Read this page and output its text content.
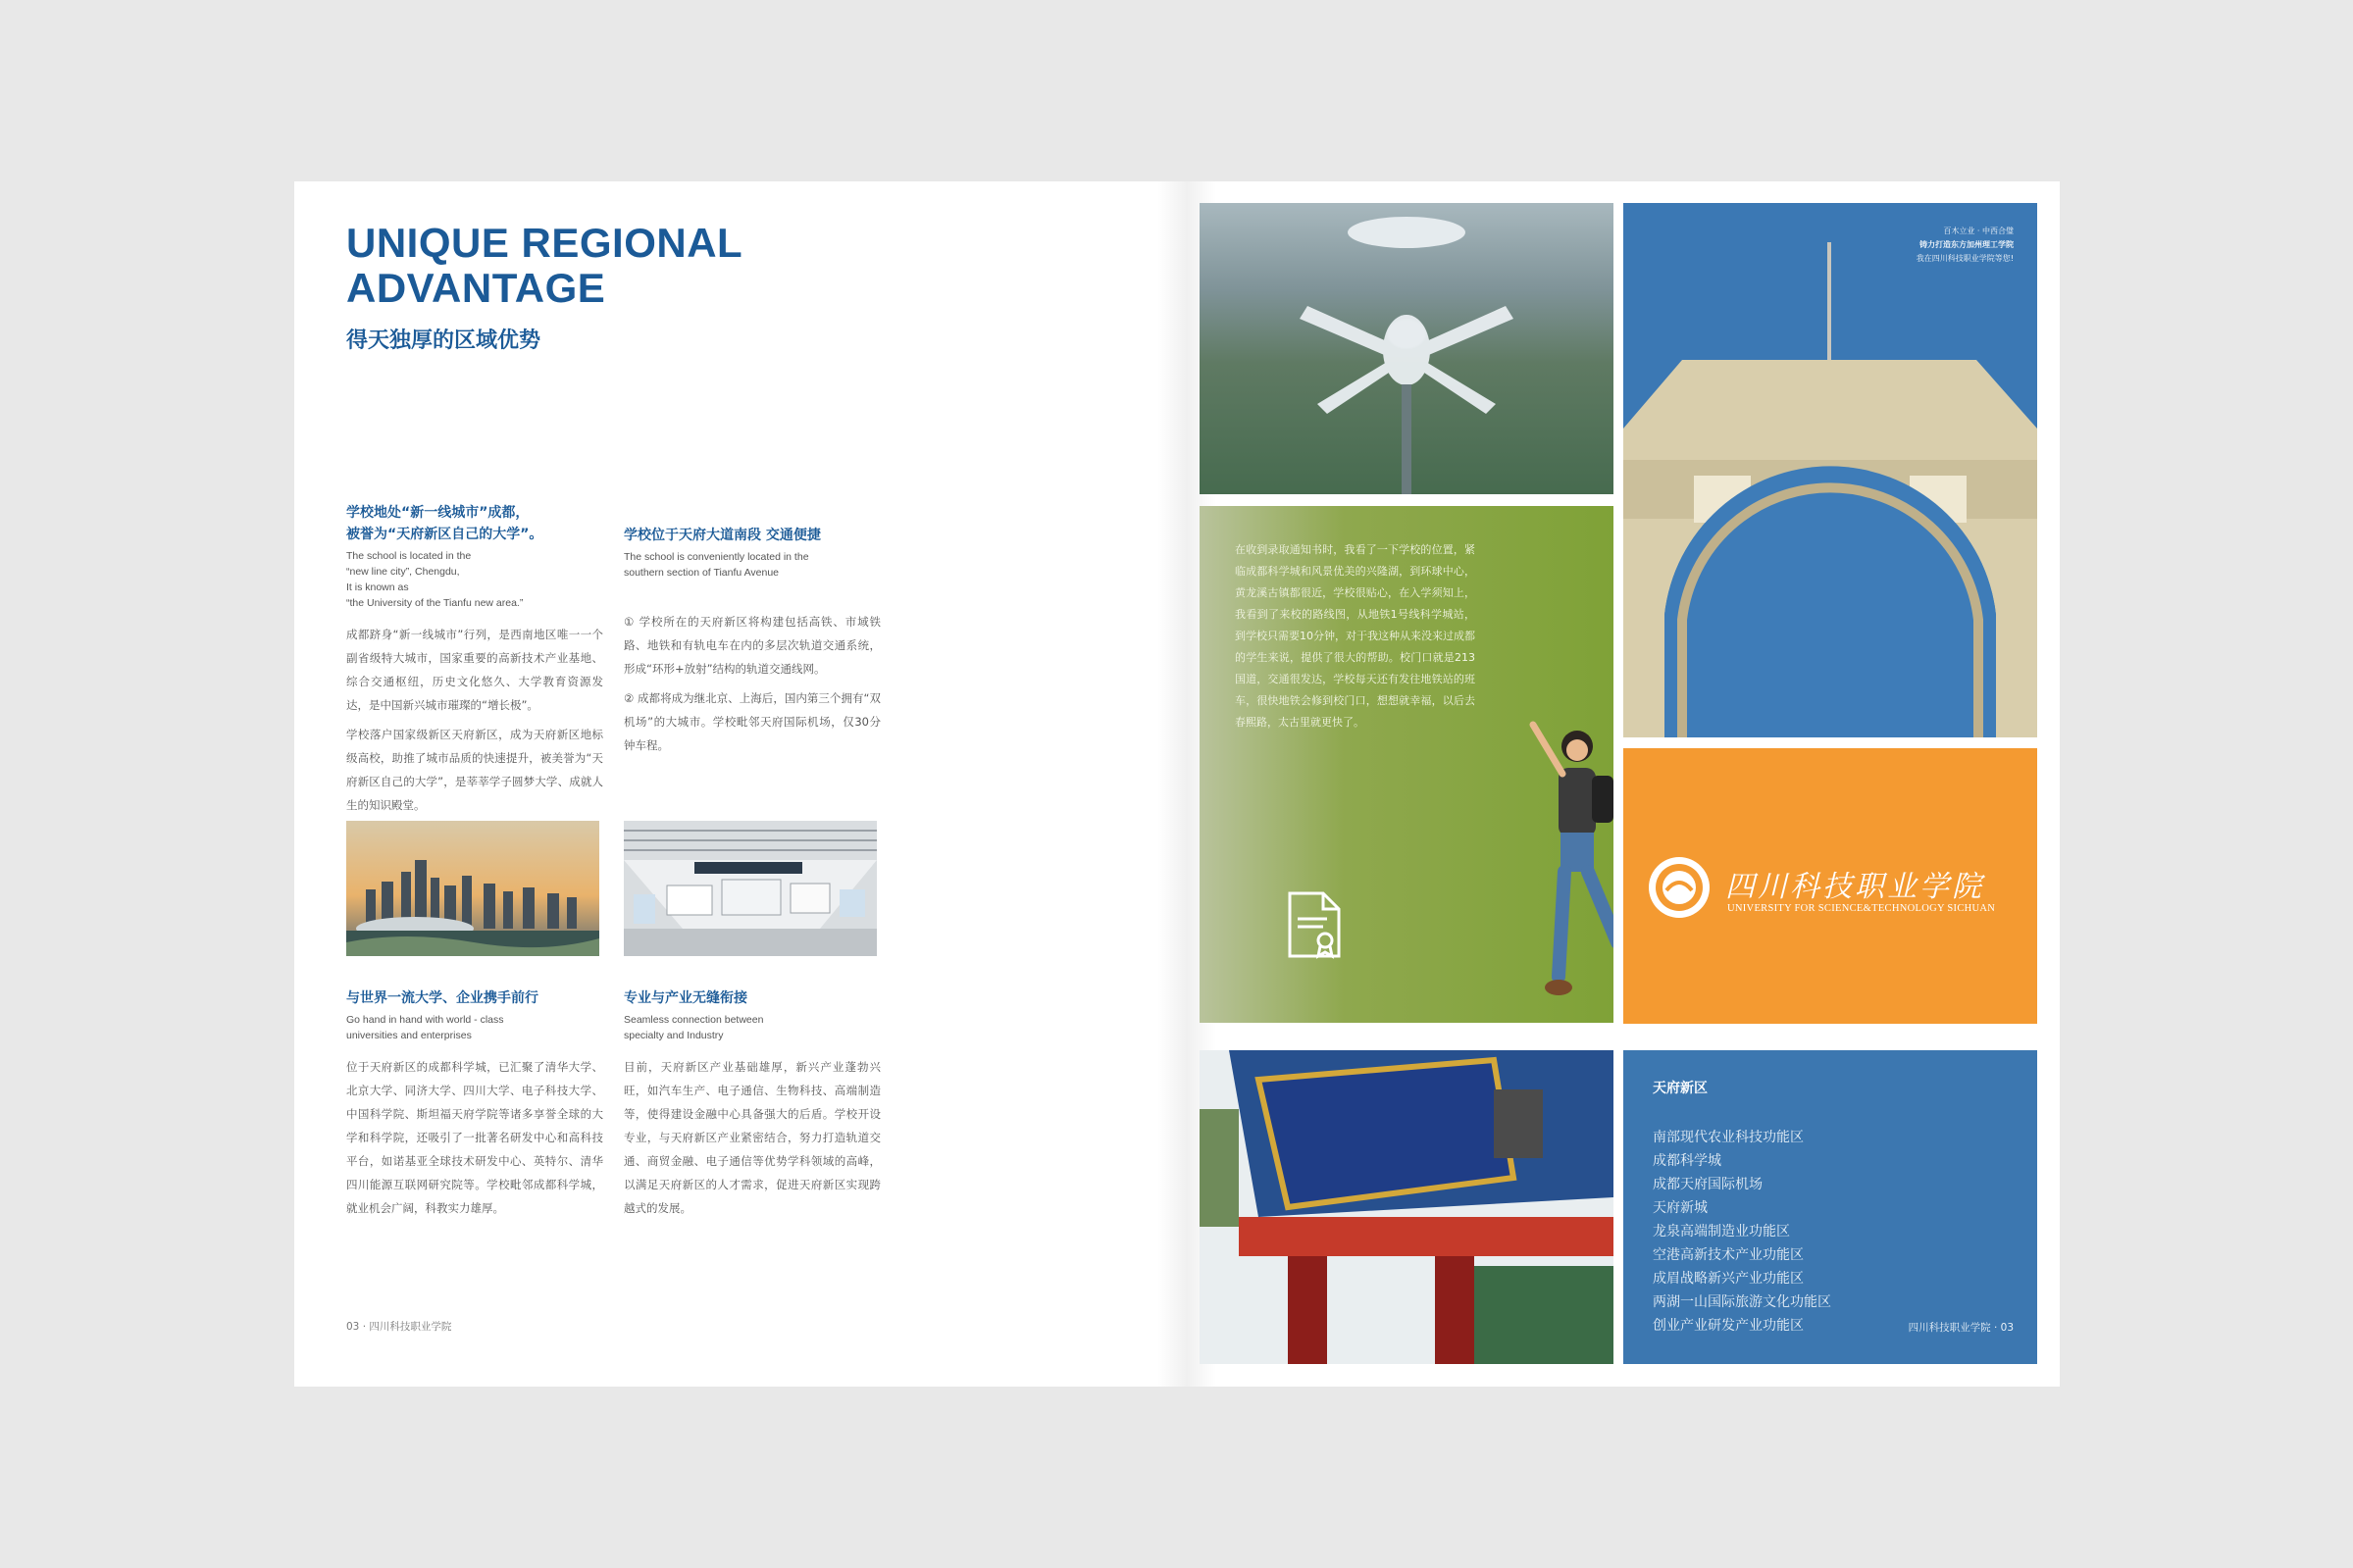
UNIQUE REGIONAL
ADVANTAGE
得天独厚的区域优势
学校地处“新一线城市”成都，
被誉为“天府新区自己的大学”。
The school is located in the
“new line city”, Chengdu,
It is known as
“the University of the Tianfu new area.”

成都跻身“新一线城市”行列，是西南地区唯一一个副省级特大城市，国家重要的高新技术产业基地、综合交通枢纽，历史文化悠久、大学教育资源发达，是中国新兴城市璀璨的“增长极”。

学校落户国家级新区天府新区，成为天府新区地标级高校，助推了城市品质的快速提升，被美誉为“天府新区自己的大学”，是莘莘学子圆梦大学、成就人生的知识殿堂。

学校位于天府大道南段 交通便捷
The school is conveniently located in the
southern section of Tianfu Avenue

① 学校所在的天府新区将构建包括高铁、市域铁路、地铁和有轨电车在内的多层次轨道交通系统，形成“环形+放射”结构的轨道交通线网。

② 成都将成为继北京、上海后，国内第三个拥有“双机场”的大城市。学校毗邻天府国际机场，仅30分钟车程。

与世界一流大学、企业携手前行
Go hand in hand with world - class
universities and enterprises

位于天府新区的成都科学城，已汇聚了清华大学、北京大学、同济大学、四川大学、电子科技大学、中国科学院、斯坦福天府学院等诸多享誉全球的大学和科学院，还吸引了一批著名研发中心和高科技平台，如诺基亚全球技术研发中心、英特尔、清华四川能源互联网研究院等。学校毗邻成都科学城，就业机会广阔，科教实力雄厚。

专业与产业无缝衔接
Seamless connection between
specialty and Industry

目前，天府新区产业基础雄厚，新兴产业蓬勃兴旺，如汽车生产、电子通信、生物科技、高端制造等，使得建设金融中心具备强大的后盾。学校开设专业，与天府新区产业紧密结合，努力打造轨道交通、商贸金融、电子通信等优势学科领域的高峰，以满足天府新区的人才需求，促进天府新区实现跨越式的发展。

03 · 四川科技职业学院

在收到录取通知书时，我看了一下学校的位置，紧临成都科学城和风景优美的兴隆湖，到环球中心，黄龙溪古镇都很近，学校很贴心，在入学须知上，我看到了来校的路线图，从地铁1号线科学城站，到学校只需要10分钟，对于我这种从来没来过成都的学生来说，提供了很大的帮助。校门口就是213国道，交通很发达，学校每天还有发往地铁站的班车，很快地铁会修到校门口，想想就幸福，以后去春熙路，太古里就更快了。

百木立业 · 中西合璧
铸力打造东方加州理工学院
我在四川科技职业学院等您!
四川科技职业学院
UNIVERSITY FOR SCIENCE&TECHNOLOGY SICHUAN
天府新区
南部现代农业科技功能区
成都科学城
成都天府国际机场
天府新城
龙泉高端制造业功能区
空港高新技术产业功能区
成眉战略新兴产业功能区
两湖一山国际旅游文化功能区
创业产业研发产业功能区	四川科技职业学院 · 03
